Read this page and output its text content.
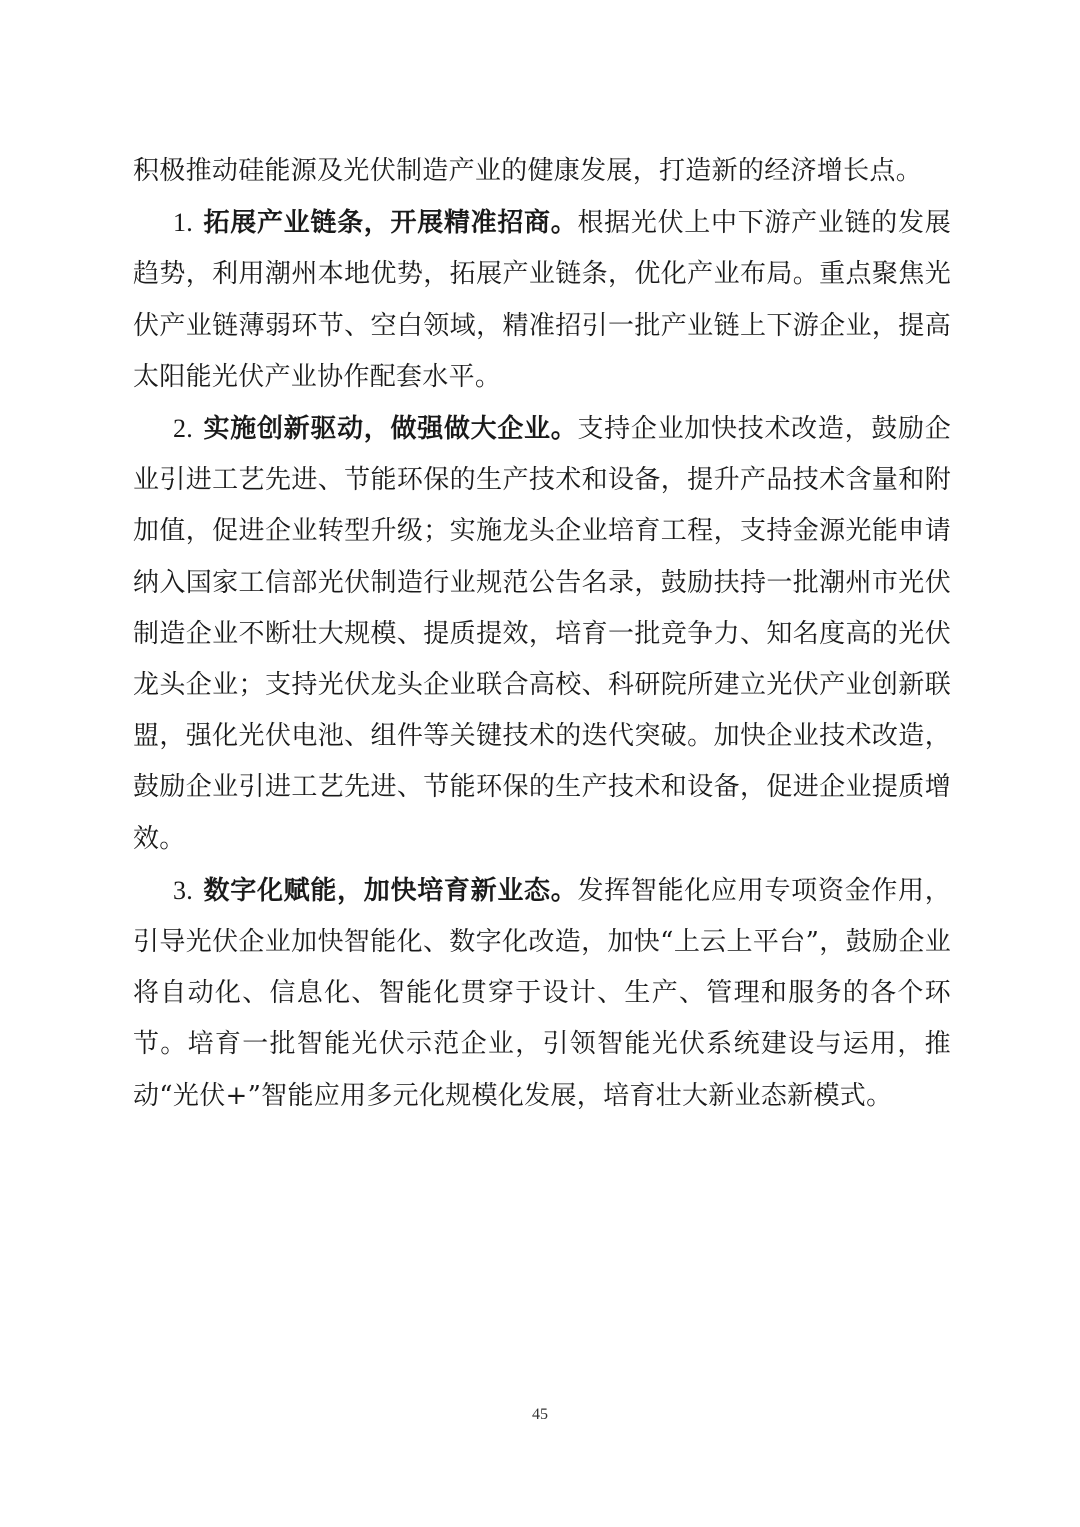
积极推动硅能源及光伏制造产业的健康发展，打造新的经济增长点。

1. 拓展产业链条，开展精准招商。根据光伏上中下游产业链的发展趋势，利用潮州本地优势，拓展产业链条，优化产业布局。重点聚焦光伏产业链薄弱环节、空白领域，精准招引一批产业链上下游企业，提高太阳能光伏产业协作配套水平。

2. 实施创新驱动，做强做大企业。支持企业加快技术改造，鼓励企业引进工艺先进、节能环保的生产技术和设备，提升产品技术含量和附加值，促进企业转型升级；实施龙头企业培育工程，支持金源光能申请纳入国家工信部光伏制造行业规范公告名录，鼓励扶持一批潮州市光伏制造企业不断壮大规模、提质提效，培育一批竞争力、知名度高的光伏龙头企业；支持光伏龙头企业联合高校、科研院所建立光伏产业创新联盟，强化光伏电池、组件等关键技术的迭代突破。加快企业技术改造，鼓励企业引进工艺先进、节能环保的生产技术和设备，促进企业提质增效。

3. 数字化赋能，加快培育新业态。发挥智能化应用专项资金作用，引导光伏企业加快智能化、数字化改造，加快“上云上平台”，鼓励企业将自动化、信息化、智能化贯穿于设计、生产、管理和服务的各个环节。培育一批智能光伏示范企业，引领智能光伏系统建设与运用，推动“光伏+”智能应用多元化规模化发展，培育壮大新业态新模式。

45
